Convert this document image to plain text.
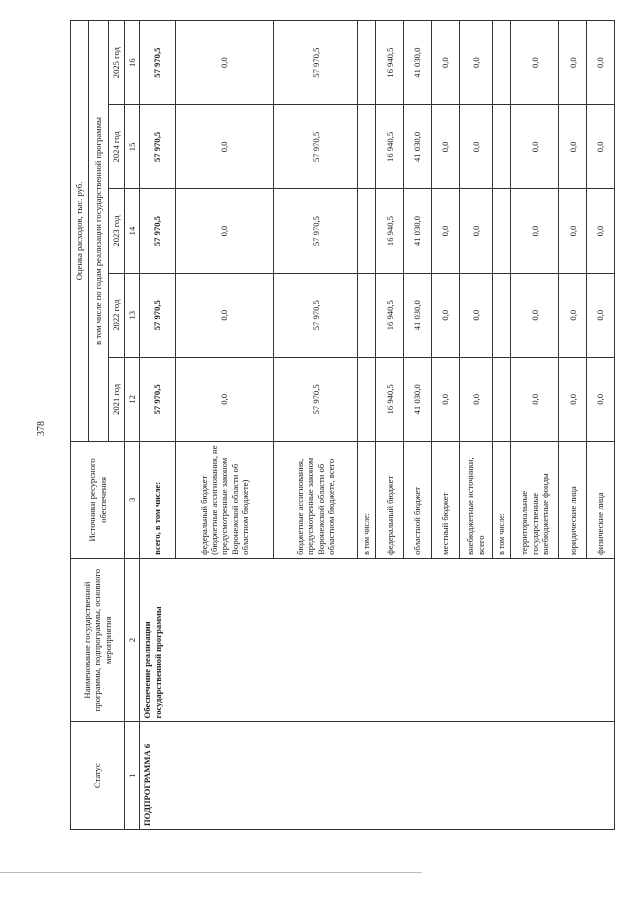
378
Статус	Наименование государственной программы, подпрограммы, основного мероприятия	Источники ресурсного обеспечения	Оценка расходов, тыс. руб.				
			в том числе по годам реализации государственной программы				
			2021 год	2022 год	2023 год	2024 год	2025 год
1	2	3	12	13	14	15	16
ПОДПРОГРАММА 6	Обеспечение реализации государственной программы	всего, в том числе:	57 970,5	57 970,5	57 970,5	57 970,5	57 970,5
		федеральный бюджет (бюджетные ассигнования, не предусмотренные законом Воронежской области об областном бюджете)	0,0	0,0	0,0	0,0	0,0
		бюджетные ассигнования, предусмотренные законом Воронежской области об областном бюджете, всего	57 970,5	57 970,5	57 970,5	57 970,5	57 970,5
		в том числе:					
		федеральный бюджет	16 940,5	16 940,5	16 940,5	16 940,5	16 940,5
		областной бюджет	41 030,0	41 030,0	41 030,0	41 030,0	41 030,0
		местный бюджет	0,0	0,0	0,0	0,0	0,0
		внебюджетные источники, всего	0,0	0,0	0,0	0,0	0,0
		в том числе:					
		территориальные государственные внебюджетные фонды	0,0	0,0	0,0	0,0	0,0
		юридические лица	0,0	0,0	0,0	0,0	0,0
		физические лица	0,0	0,0	0,0	0,0	0,0
